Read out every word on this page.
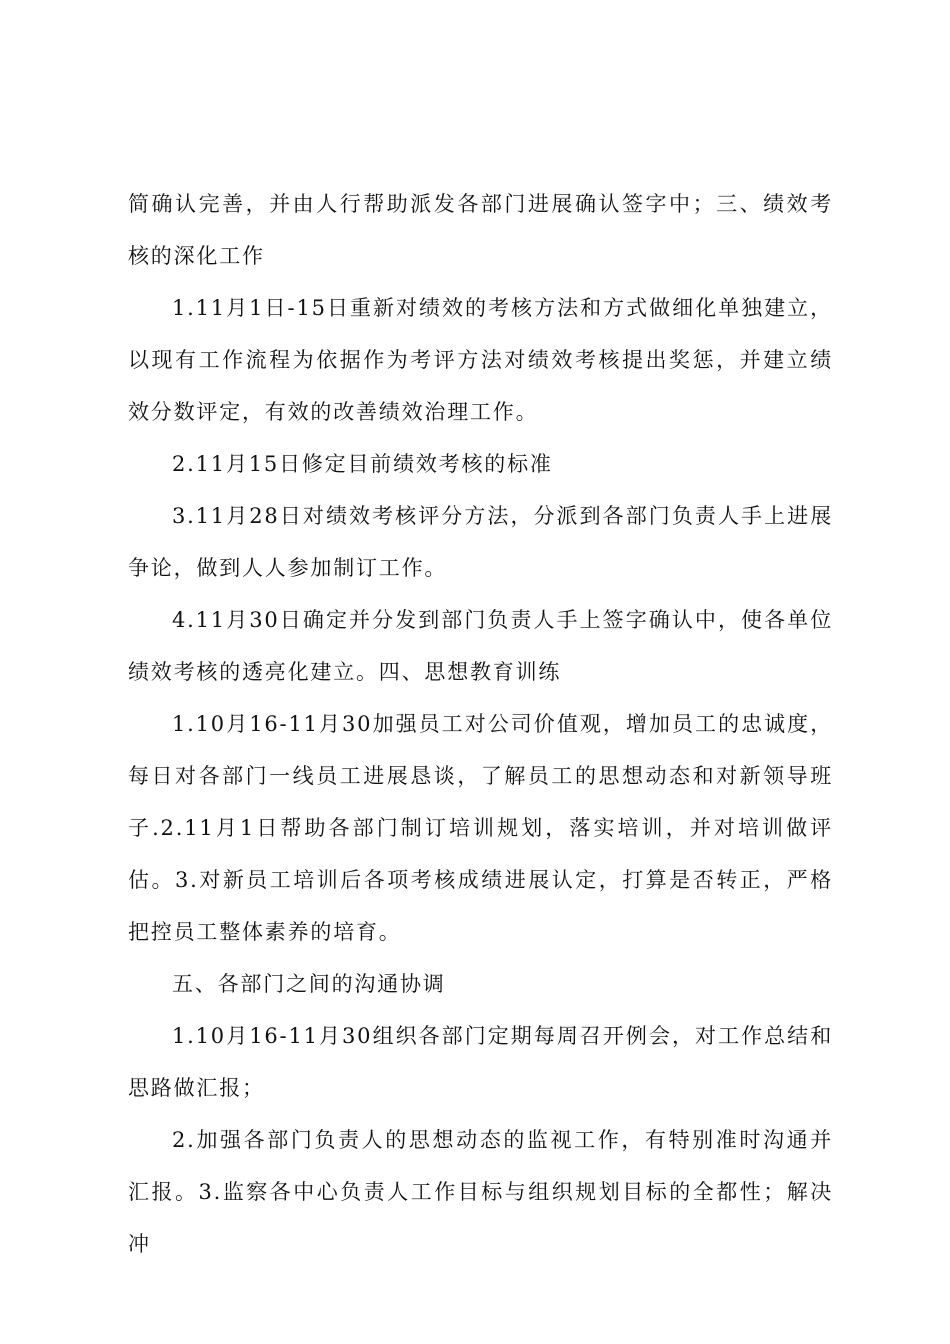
简确认完善，并由人行帮助派发各部门进展确认签字中；三、绩效考核的深化工作

1.11月1日-15日重新对绩效的考核方法和方式做细化单独建立，以现有工作流程为依据作为考评方法对绩效考核提出奖惩，并建立绩效分数评定，有效的改善绩效治理工作。

2.11月15日修定目前绩效考核的标准

3.11月28日对绩效考核评分方法，分派到各部门负责人手上进展争论，做到人人参加制订工作。

4.11月30日确定并分发到部门负责人手上签字确认中，使各单位绩效考核的透亮化建立。四、思想教育训练

1.10月16-11月30加强员工对公司价值观，增加员工的忠诚度，每日对各部门一线员工进展恳谈，了解员工的思想动态和对新领导班子.2.11月1日帮助各部门制订培训规划，落实培训，并对培训做评估。3.对新员工培训后各项考核成绩进展认定，打算是否转正，严格把控员工整体素养的培育。

五、各部门之间的沟通协调

1.10月16-11月30组织各部门定期每周召开例会，对工作总结和思路做汇报；

2.加强各部门负责人的思想动态的监视工作，有特别准时沟通并汇报。3.监察各中心负责人工作目标与组织规划目标的全都性；解决冲
